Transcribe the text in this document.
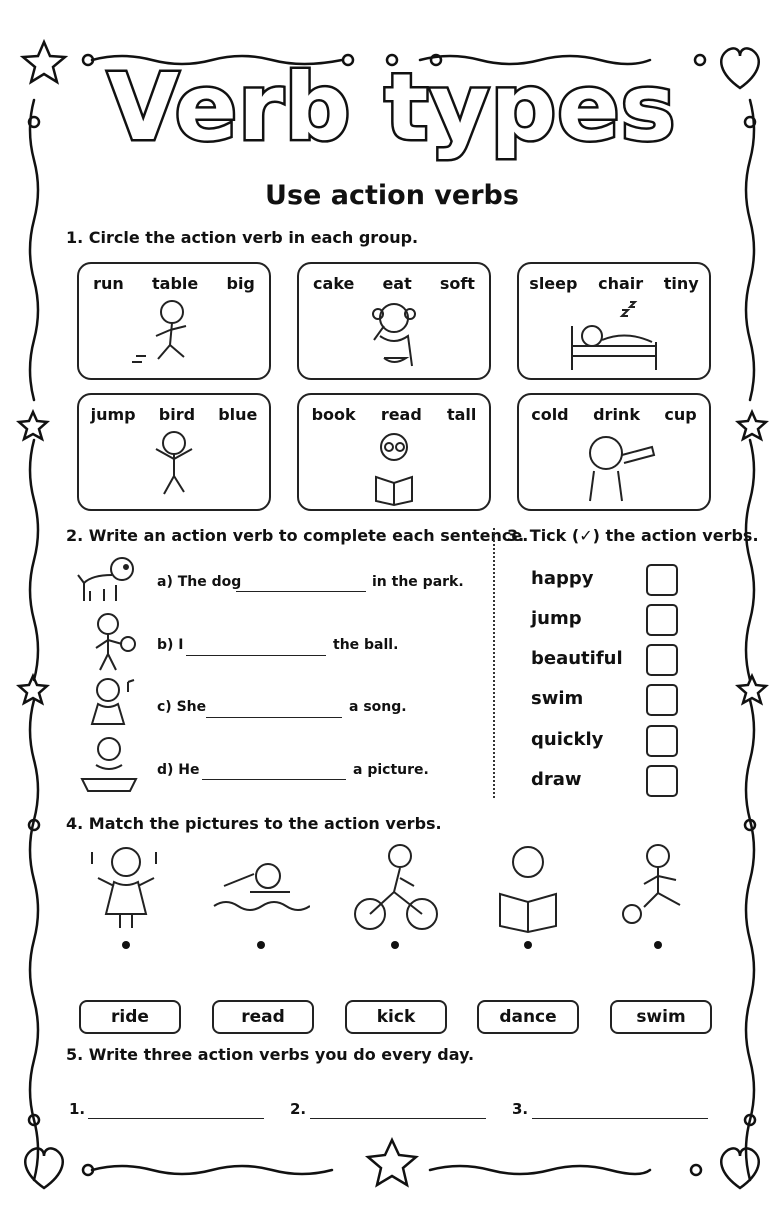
Verb types
Use action verbs
1. Circle the action verb in each group.
run table big	cake eat soft	sleep chair tiny
jump bird blue	book read tall	cold drink cup
2. Write an action verb to complete each sentence.
a) The dog	in the park.
b) I	the ball.
c) She	a song.
d) He	a picture.
3. Tick (✓) the action verbs.
happy
jump
beautiful
swim
quickly
draw
4. Match the pictures to the action verbs.
ride	read	kick	dance	swim
5. Write three action verbs you do every day.
1.	2.	3.
